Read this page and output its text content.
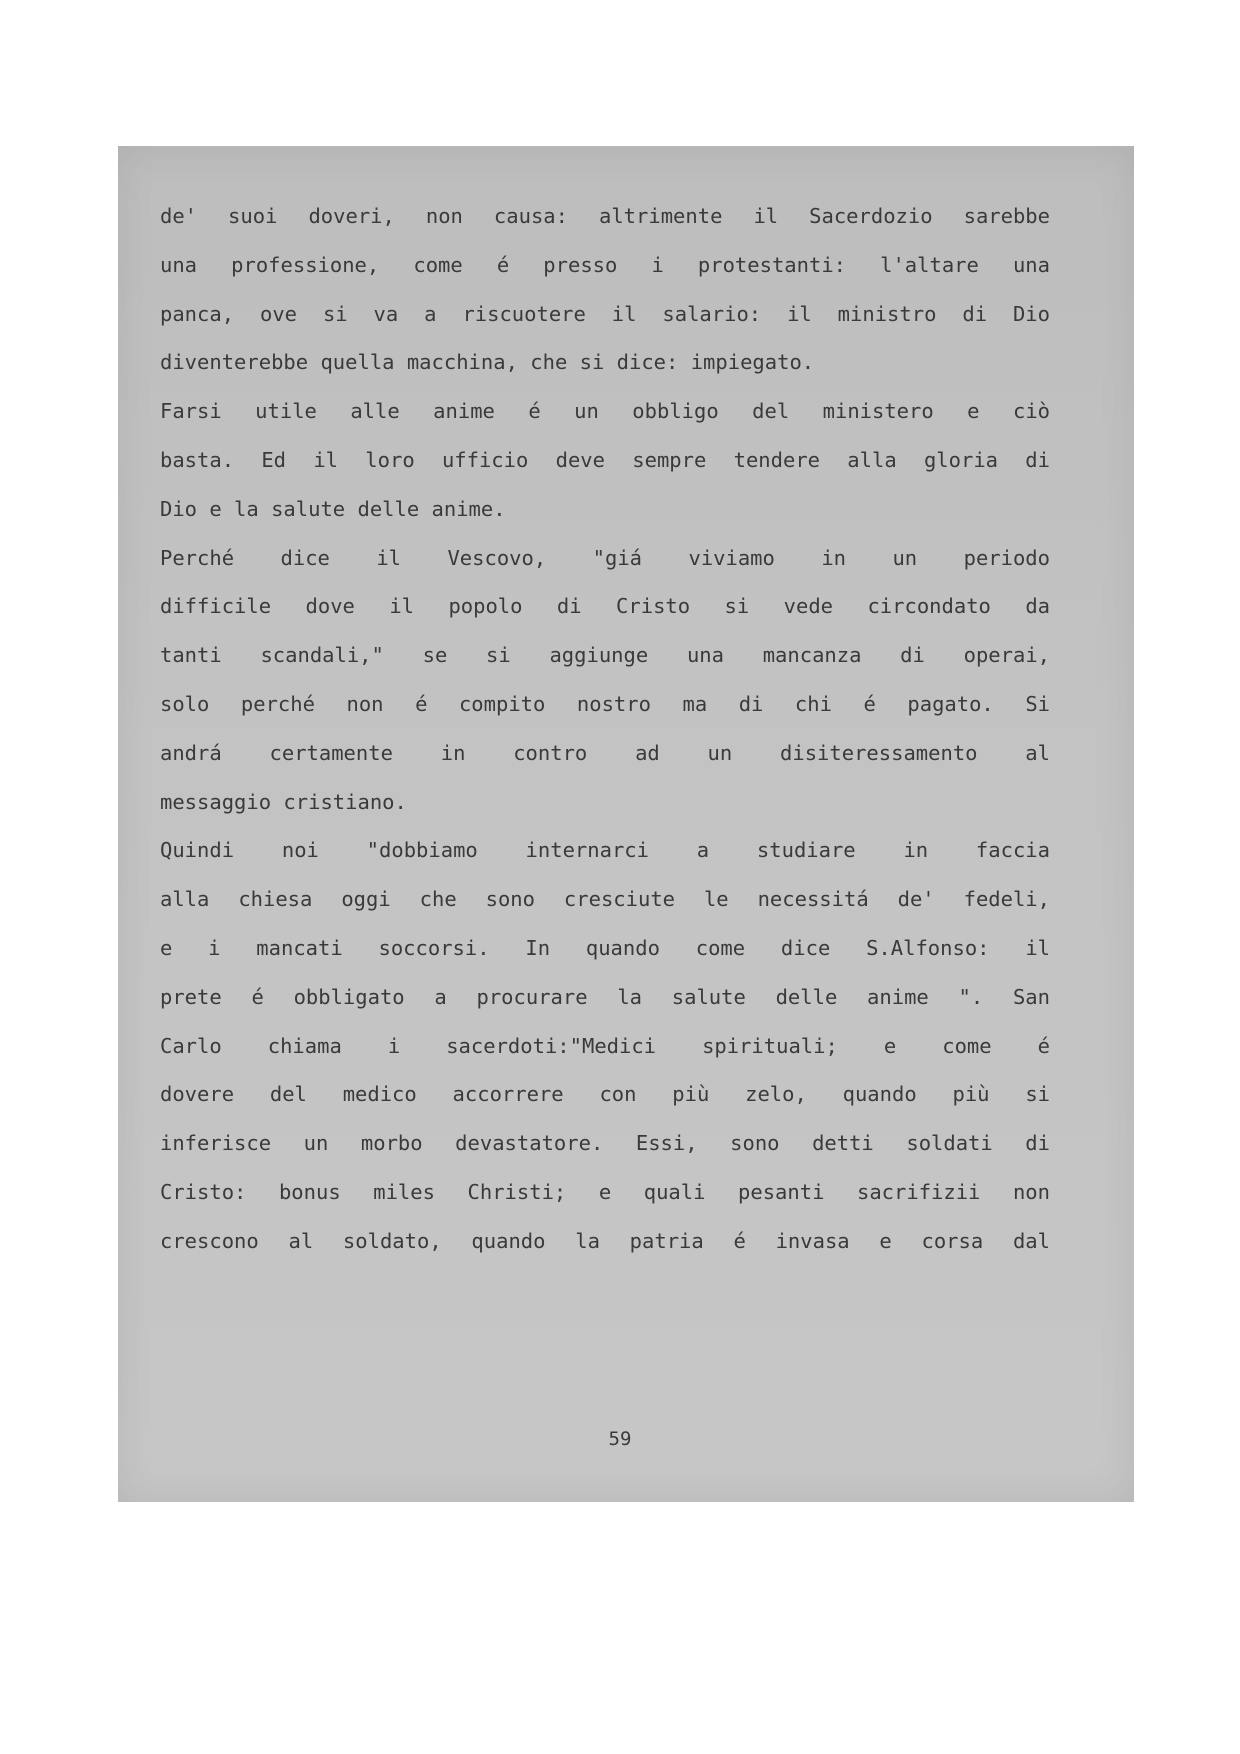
de' suoi doveri, non causa: altrimente il Sacerdozio sarebbe
una professione, come é presso i protestanti: l'altare una
panca, ove si va a riscuotere il salario: il ministro di Dio
diventerebbe quella macchina, che si dice: impiegato.
Farsi utile alle anime é un obbligo del ministero e ciò
basta. Ed il loro ufficio deve sempre tendere alla gloria di
Dio e la salute delle anime.
Perché dice il Vescovo, "giá viviamo in un periodo
difficile dove il popolo di Cristo si vede circondato da
tanti scandali," se si aggiunge una mancanza di operai,
solo perché non é compito nostro ma di chi é pagato. Si
andrá certamente in contro ad un disiteressamento al
messaggio cristiano.
Quindi noi "dobbiamo internarci a studiare in faccia
alla chiesa oggi che sono cresciute le necessitá de' fedeli,
e i mancati soccorsi. In quando come dice S.Alfonso: il
prete é obbligato a procurare la salute delle anime ". San
Carlo chiama i sacerdoti:"Medici spirituali; e come é
dovere del medico accorrere con più zelo, quando più si
inferisce un morbo devastatore. Essi, sono detti soldati di
Cristo: bonus miles Christi; e quali pesanti sacrifizii non
crescono al soldato, quando la patria é invasa e corsa dal
59
